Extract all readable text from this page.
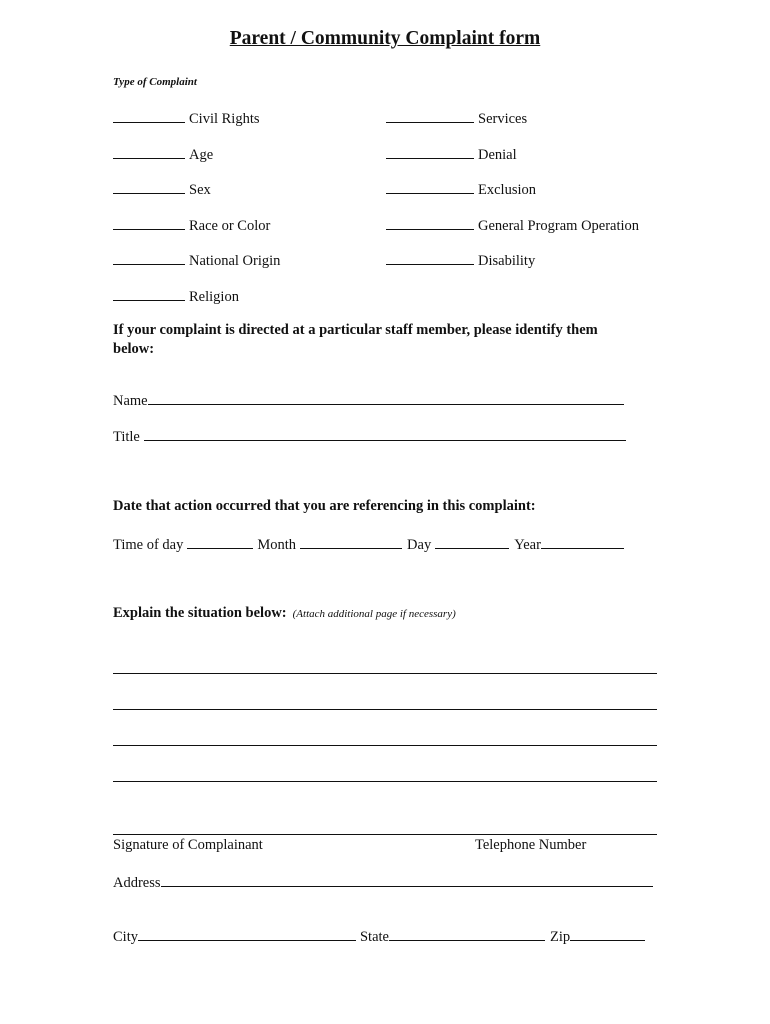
Parent / Community Complaint form
Type of Complaint
Civil Rights
Age
Sex
Race or Color
National Origin
Religion
Services
Denial
Exclusion
General Program Operation
Disability
If your complaint is directed at a particular staff member, please identify them
below:
Name
Title
Date that action occurred that you are referencing in this complaint:
Time of day	Month	Day	Year
Explain the situation below: (Attach additional page if necessary)
Signature of Complainant	Telephone Number
Address
City	State	Zip
